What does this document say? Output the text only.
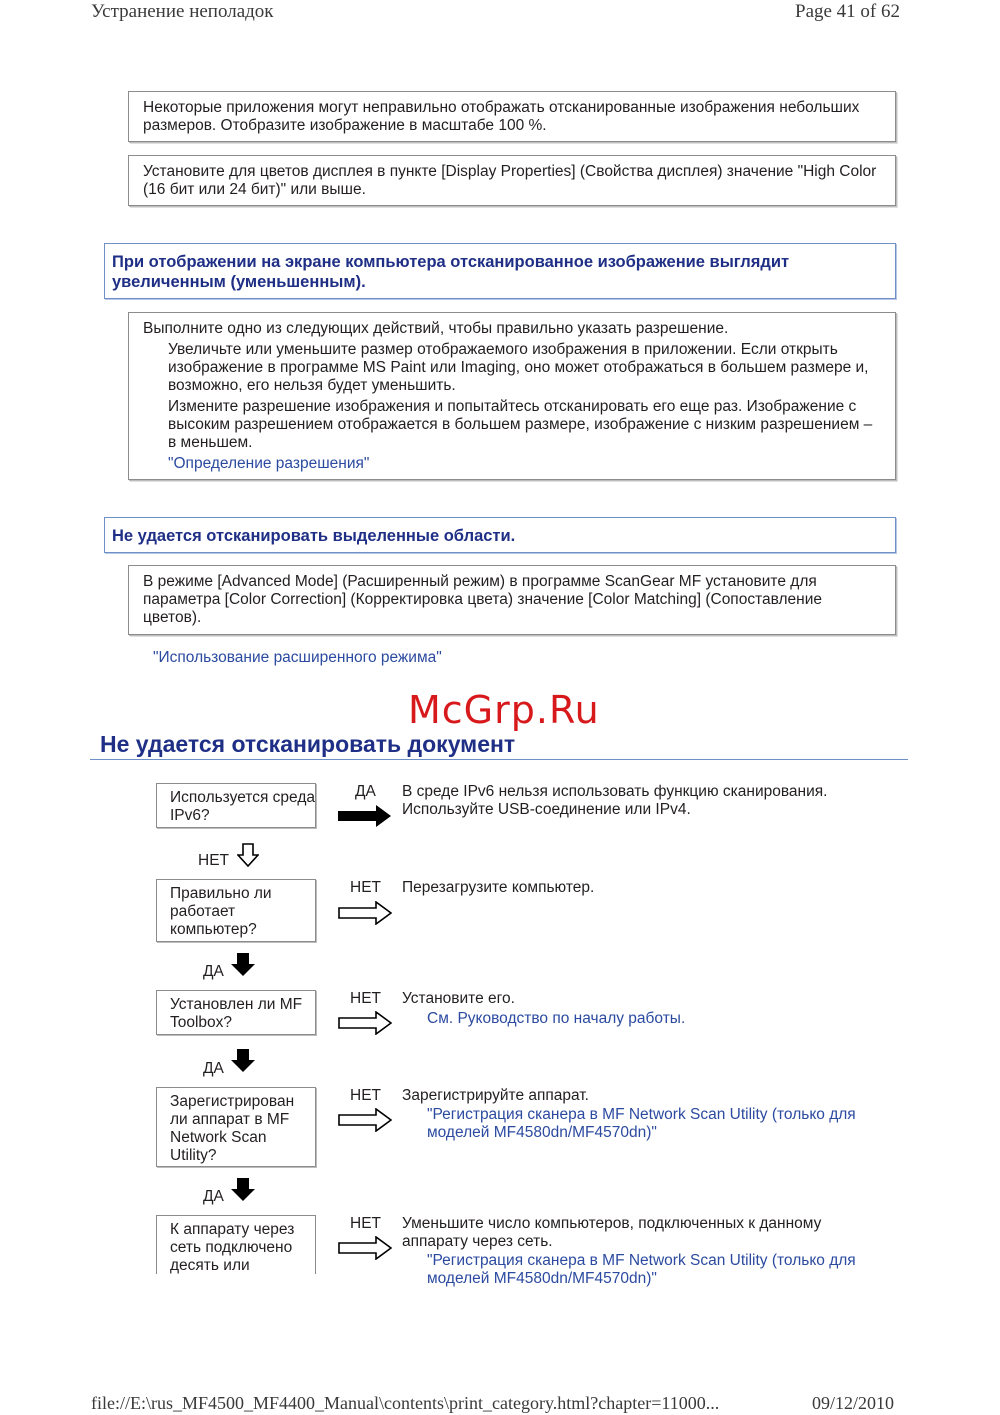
Устранение неполадок	Page 41 of 62
Некоторые приложения могут неправильно отображать отсканированные изображения небольших размеров. Отобразите изображение в масштабе 100 %.
Установите для цветов дисплея в пункте [Display Properties] (Свойства дисплея) значение "High Color (16 бит или 24 бит)" или выше.
При отображении на экране компьютера отсканированное изображение выглядит увеличенным (уменьшенным).
Выполните одно из следующих действий, чтобы правильно указать разрешение.
Увеличьте или уменьшите размер отображаемого изображения в приложении. Если открыть изображение в программе MS Paint или Imaging, оно может отображаться в большем размере и, возможно, его нельзя будет уменьшить.
Измените разрешение изображения и попытайтесь отсканировать его еще раз. Изображение с высоким разрешением отображается в большем размере, изображение с низким разрешением – в меньшем.
"Определение разрешения"
Не удается отсканировать выделенные области.
В режиме [Advanced Mode] (Расширенный режим) в программе ScanGear MF установите для параметра [Color Correction] (Корректировка цвета) значение [Color Matching] (Сопоставление цветов).
"Использование расширенного режима"
McGrp.Ru
Не удается отсканировать документ
Используется среда IPv6?
ДА В среде IPv6 нельзя использовать функцию сканирования. Используйте USB-соединение или IPv4.
НЕТ
Правильно ли работает компьютер?
НЕТ Перезагрузите компьютер.
ДА
Установлен ли MF Toolbox?
НЕТ Установите его.
См. Руководство по началу работы.
ДА
Зарегистрирован ли аппарат в MF Network Scan Utility?
НЕТ Зарегистрируйте аппарат.
"Регистрация сканера в MF Network Scan Utility (только для моделей MF4580dn/MF4570dn)"
ДА
К аппарату через сеть подключено десять или
НЕТ Уменьшите число компьютеров, подключенных к данному аппарату через сеть.
"Регистрация сканера в MF Network Scan Utility (только для моделей MF4580dn/MF4570dn)"
file://E:\rus_MF4500_MF4400_Manual\contents\print_category.html?chapter=11000...	09/12/2010
